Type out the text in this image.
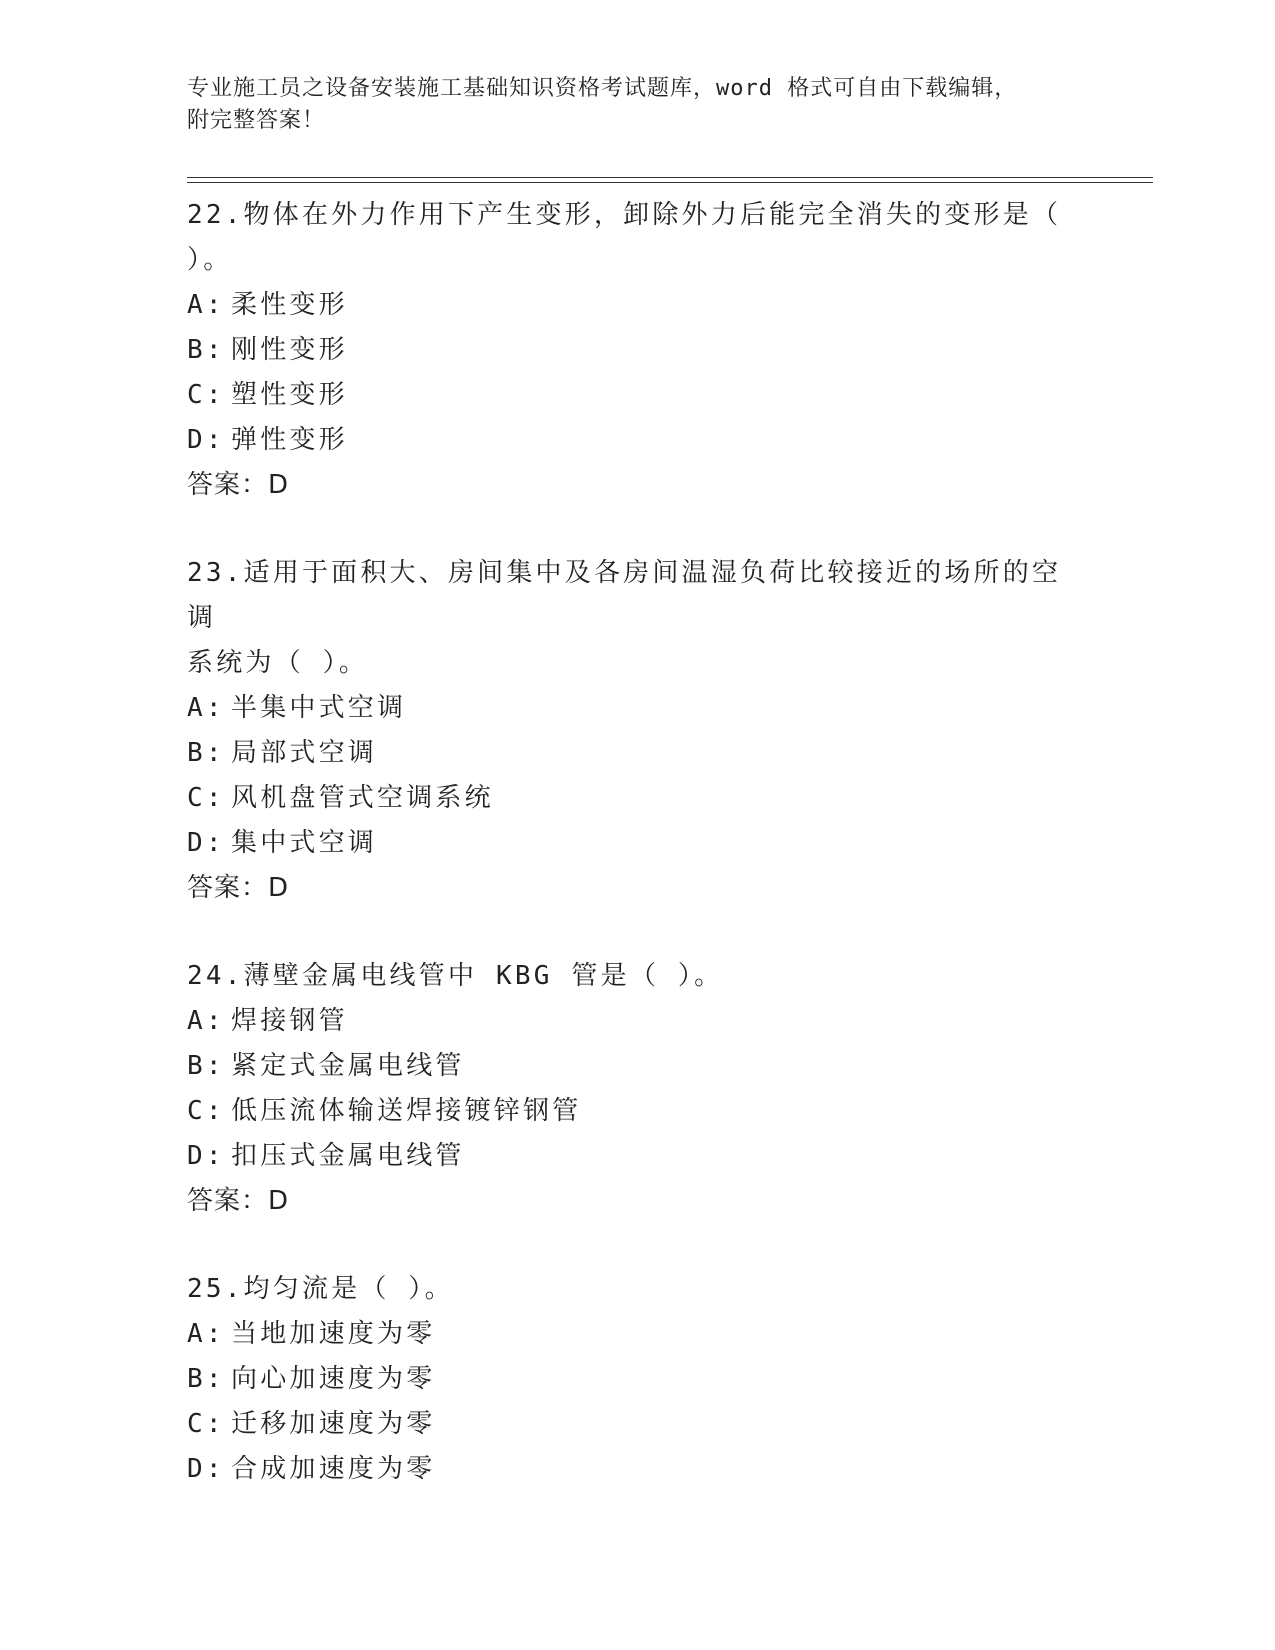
专业施工员之设备安装施工基础知识资格考试题库，word 格式可自由下载编辑，
附完整答案！
22.物体在外力作用下产生变形，卸除外力后能完全消失的变形是（
）。
A: 柔性变形
B: 刚性变形
C: 塑性变形
D: 弹性变形
答案：D
23.适用于面积大、房间集中及各房间温湿负荷比较接近的场所的空调
系统为（ ）。
A: 半集中式空调
B: 局部式空调
C: 风机盘管式空调系统
D: 集中式空调
答案：D
24.薄壁金属电线管中 KBG 管是（ ）。
A: 焊接钢管
B: 紧定式金属电线管
C: 低压流体输送焊接镀锌钢管
D: 扣压式金属电线管
答案：D
25.均匀流是（ ）。
A: 当地加速度为零
B: 向心加速度为零
C: 迁移加速度为零
D: 合成加速度为零
